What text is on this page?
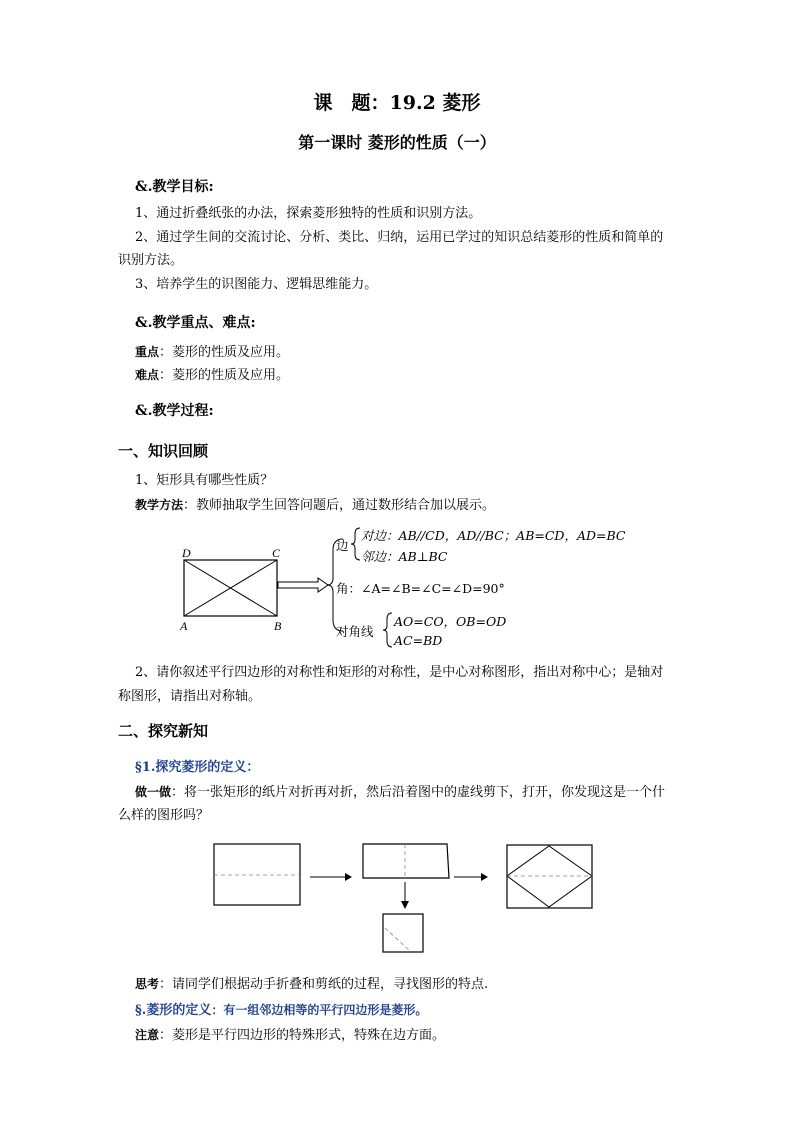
课　题：19.2 菱形
第一课时 菱形的性质（一）
&.教学目标:
1、通过折叠纸张的办法，探索菱形独特的性质和识别方法。
2、通过学生间的交流讨论、分析、类比、归纳，运用已学过的知识总结菱形的性质和简单的
识别方法。
3、培养学生的识图能力、逻辑思维能力。
&.教学重点、难点:
重点：菱形的性质及应用。
难点：菱形的性质及应用。
&.教学过程:
一、知识回顾
1、矩形具有哪些性质？
教学方法：教师抽取学生回答问题后，通过数形结合加以展示。
D	C
A	B
边
对边：AB//CD，AD//BC；AB=CD，AD=BC
邻边：AB⊥BC
角：∠A=∠B=∠C=∠D=90°
对角线
AO=CO，OB=OD
AC=BD
2、请你叙述平行四边形的对称性和矩形的对称性，是中心对称图形，指出对称中心；是轴对
称图形，请指出对称轴。
二、探究新知
§1.探究菱形的定义：
做一做：将一张矩形的纸片对折再对折，然后沿着图中的虚线剪下，打开，你发现这是一个什
么样的图形吗？
思考：请同学们根据动手折叠和剪纸的过程，寻找图形的特点.
§.菱形的定义：有一组邻边相等的平行四边形是菱形。
注意：菱形是平行四边形的特殊形式，特殊在边方面。
